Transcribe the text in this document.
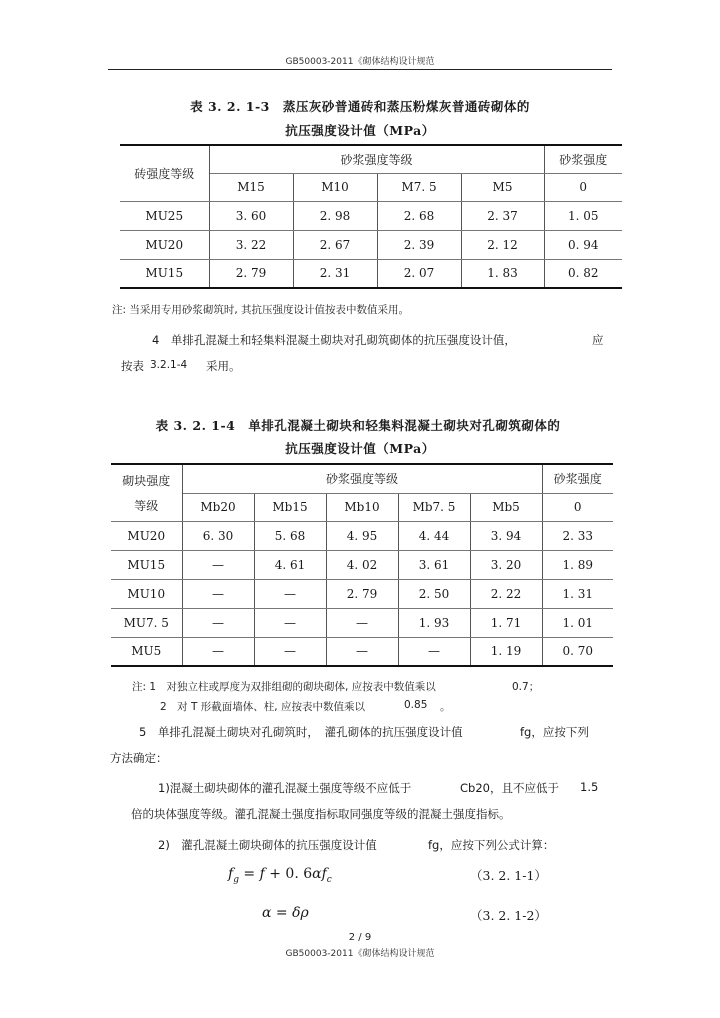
GB50003-2011《砌体结构设计规范
表 3. 2. 1-3　蒸压灰砂普通砖和蒸压粉煤灰普通砖砌体的
抗压强度设计值（MPa）
砖强度等级	砂浆强度等级				砂浆强度
	M15	M10	M7. 5	M5	0
MU25	3. 60	2. 98	2. 68	2. 37	1. 05
MU20	3. 22	2. 67	2. 39	2. 12	0. 94
MU15	2. 79	2. 31	2. 07	1. 83	0. 82
注: 当采用专用砂浆砌筑时, 其抗压强度设计值按表中数值采用。
4　单排孔混凝土和轻集料混凝土砌块对孔砌筑砌体的抗压强度设计值，	应
按表 3.2.1-4 采用。
表 3. 2. 1-4　单排孔混凝土砌块和轻集料混凝土砌块对孔砌筑砌体的
抗压强度设计值（MPa）
砌块强度
等级	砂浆强度等级					砂浆强度
	Mb20	Mb15	Mb10	Mb7. 5	Mb5	0
MU20	6. 30	5. 68	4. 95	4. 44	3. 94	2. 33
MU15	—	4. 61	4. 02	3. 61	3. 20	1. 89
MU10	—	—	2. 79	2. 50	2. 22	1. 31
MU7. 5	—	—	—	1. 93	1. 71	1. 01
MU5	—	—	—	—	1. 19	0. 70
注: 1　对独立柱或厚度为双排组砌的砌块砌体, 应按表中数值乘以	0.7；
2　对 T 形截面墙体、柱, 应按表中数值乘以	0.85 。
5　单排孔混凝土砌块对孔砌筑时，　灌孔砌体的抗压强度设计值	fg，应按下列
方法确定：
1)混凝土砌块砌体的灌孔混凝土强度等级不应低于	Cb20，且不应低于 1.5
倍的块体强度等级。灌孔混凝土强度指标取同强度等级的混凝土强度指标。
2)　灌孔混凝土砌块砌体的抗压强度设计值	fg，应按下列公式计算：
$f_g = f + 0$. $6\alpha f_c$	（3. 2. 1-1）
α = δρ	（3. 2. 1-2）
2 / 9
GB50003-2011《砌体结构设计规范
